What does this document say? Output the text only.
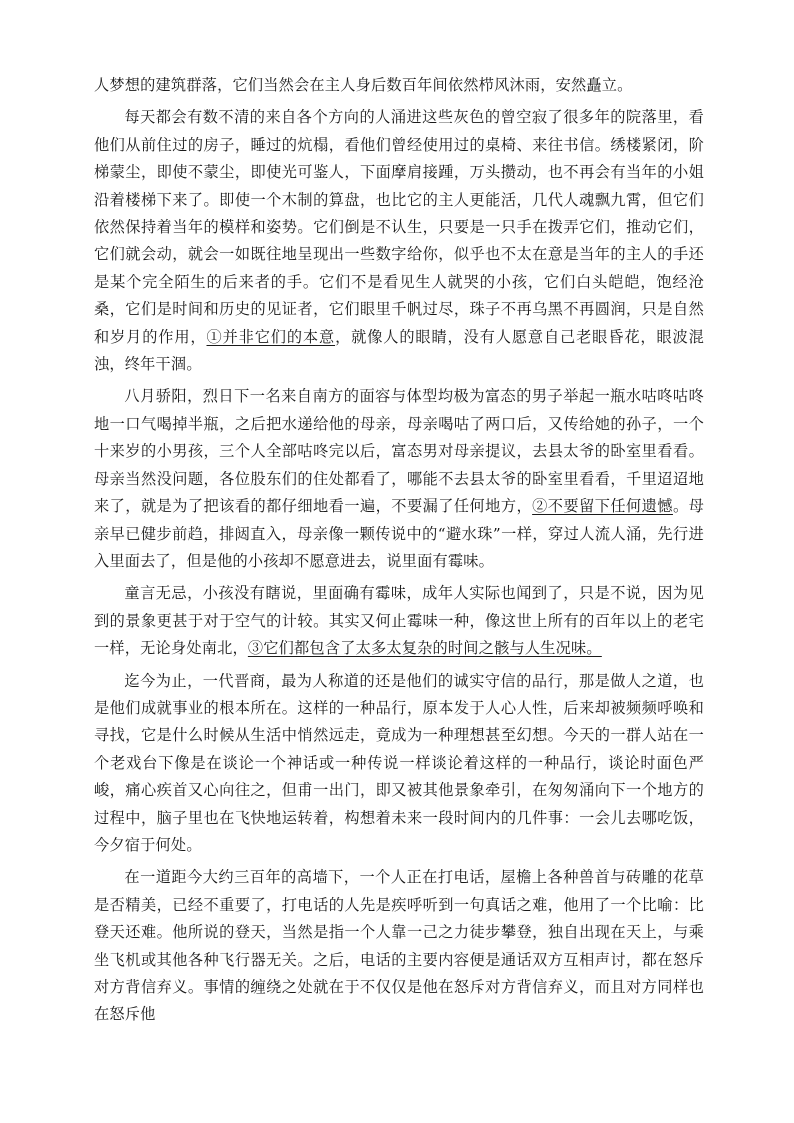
人梦想的建筑群落，它们当然会在主人身后数百年间依然栉风沐雨，安然矗立。

每天都会有数不清的来自各个方向的人涌进这些灰色的曾空寂了很多年的院落里，看他们从前住过的房子，睡过的炕榻，看他们曾经使用过的桌椅、来往书信。绣楼紧闭，阶梯蒙尘，即使不蒙尘，即使光可鉴人，下面摩肩接踵，万头攒动，也不再会有当年的小姐沿着楼梯下来了。即使一个木制的算盘，也比它的主人更能活，几代人魂飘九霄，但它们依然保持着当年的模样和姿势。它们倒是不认生，只要是一只手在拨弄它们，推动它们，它们就会动，就会一如既往地呈现出一些数字给你，似乎也不太在意是当年的主人的手还是某个完全陌生的后来者的手。它们不是看见生人就哭的小孩，它们白头皑皑，饱经沧桑，它们是时间和历史的见证者，它们眼里千帆过尽，珠子不再乌黑不再圆润，只是自然和岁月的作用，①并非它们的本意，就像人的眼睛，没有人愿意自己老眼昏花，眼波混浊，终年干涸。

八月骄阳，烈日下一名来自南方的面容与体型均极为富态的男子举起一瓶水咕咚咕咚地一口气喝掉半瓶，之后把水递给他的母亲，母亲喝咕了两口后，又传给她的孙子，一个十来岁的小男孩，三个人全部咕咚完以后，富态男对母亲提议，去县太爷的卧室里看看。母亲当然没问题，各位股东们的住处都看了，哪能不去县太爷的卧室里看看，千里迢迢地来了，就是为了把该看的都仔细地看一遍，不要漏了任何地方，②不要留下任何遗憾。母亲早已健步前趋，排闼直入，母亲像一颗传说中的“避水珠”一样，穿过人流人涌，先行进入里面去了，但是他的小孩却不愿意进去，说里面有霉味。

童言无忌，小孩没有瞎说，里面确有霉味，成年人实际也闻到了，只是不说，因为见到的景象更甚于对于空气的计较。其实又何止霉味一种，像这世上所有的百年以上的老宅一样，无论身处南北，③它们都包含了太多太复杂的时间之骸与人生况味。

迄今为止，一代晋商，最为人称道的还是他们的诚实守信的品行，那是做人之道，也是他们成就事业的根本所在。这样的一种品行，原本发于人心人性，后来却被频频呼唤和寻找，它是什么时候从生活中悄然远走，竟成为一种理想甚至幻想。今天的一群人站在一个老戏台下像是在谈论一个神话或一种传说一样谈论着这样的一种品行，谈论时面色严峻，痛心疾首又心向往之，但甫一出门，即又被其他景象牵引，在匆匆涌向下一个地方的过程中，脑子里也在飞快地运转着，构想着未来一段时间内的几件事：一会儿去哪吃饭，今夕宿于何处。

在一道距今大约三百年的高墙下，一个人正在打电话，屋檐上各种兽首与砖雕的花草是否精美，已经不重要了，打电话的人先是疾呼听到一句真话之难，他用了一个比喻：比登天还难。他所说的登天，当然是指一个人靠一己之力徒步攀登，独自出现在天上，与乘坐飞机或其他各种飞行器无关。之后，电话的主要内容便是通话双方互相声讨，都在怒斥对方背信弃义。事情的缠绕之处就在于不仅仅是他在怒斥对方背信弃义，而且对方同样也在怒斥他
